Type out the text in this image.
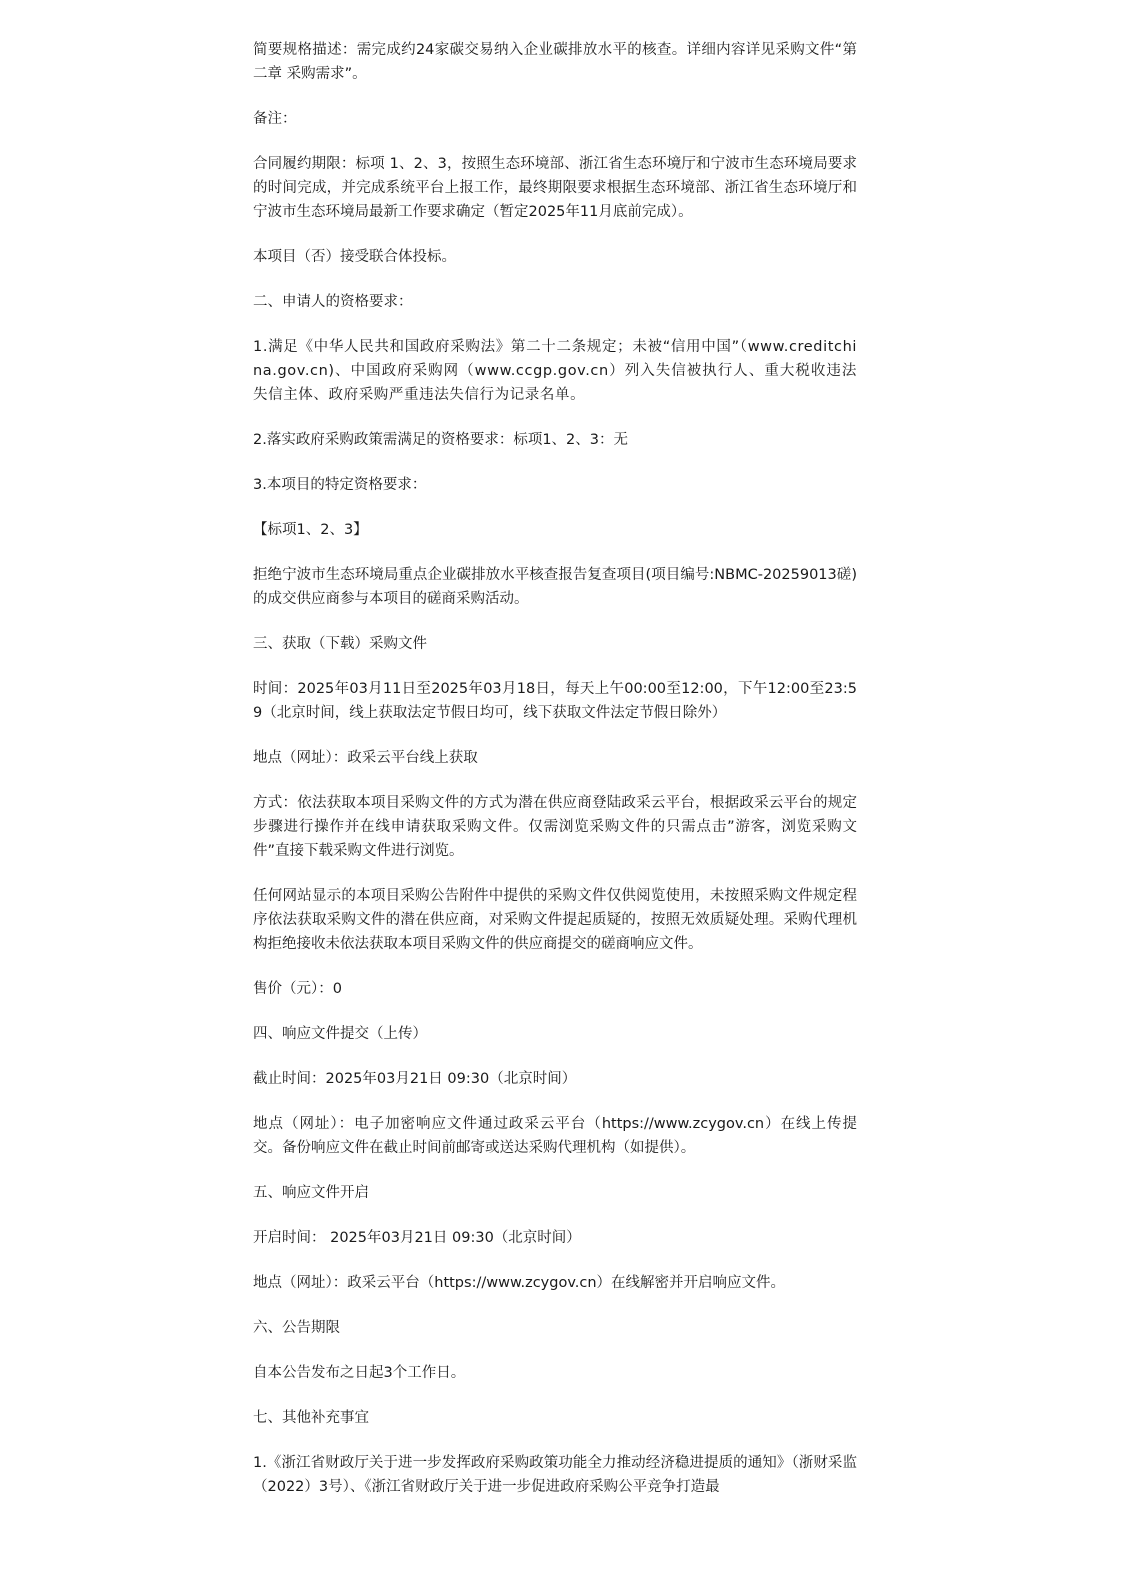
简要规格描述：需完成约24家碳交易纳入企业碳排放水平的核查。详细内容详见采购文件“第二章 采购需求”。

备注：

合同履约期限：标项 1、2、3，按照生态环境部、浙江省生态环境厅和宁波市生态环境局要求的时间完成，并完成系统平台上报工作，最终期限要求根据生态环境部、浙江省生态环境厅和宁波市生态环境局最新工作要求确定（暂定2025年11月底前完成）。

本项目（否）接受联合体投标。

二、申请人的资格要求：

1.满足《中华人民共和国政府采购法》第二十二条规定；未被“信用中国”（www.creditchina.gov.cn)、中国政府采购网（www.ccgp.gov.cn）列入失信被执行人、重大税收违法失信主体、政府采购严重违法失信行为记录名单。

2.落实政府采购政策需满足的资格要求：标项1、2、3：无

3.本项目的特定资格要求：

【标项1、2、3】

拒绝宁波市生态环境局重点企业碳排放水平核查报告复查项目(项目编号:NBMC-20259013磋)的成交供应商参与本项目的磋商采购活动。

三、获取（下载）采购文件

时间：2025年03月11日至2025年03月18日，每天上午00:00至12:00，下午12:00至23:59（北京时间，线上获取法定节假日均可，线下获取文件法定节假日除外）

地点（网址）：政采云平台线上获取

方式：依法获取本项目采购文件的方式为潜在供应商登陆政采云平台，根据政采云平台的规定步骤进行操作并在线申请获取采购文件。仅需浏览采购文件的只需点击”游客，浏览采购文件”直接下载采购文件进行浏览。

任何网站显示的本项目采购公告附件中提供的采购文件仅供阅览使用，未按照采购文件规定程序依法获取采购文件的潜在供应商，对采购文件提起质疑的，按照无效质疑处理。采购代理机构拒绝接收未依法获取本项目采购文件的供应商提交的磋商响应文件。

售价（元）：0

四、响应文件提交（上传）

截止时间：2025年03月21日 09:30（北京时间）

地点（网址）：电子加密响应文件通过政采云平台（https://www.zcygov.cn）在线上传提交。备份响应文件在截止时间前邮寄或送达采购代理机构（如提供）。

五、响应文件开启

开启时间： 2025年03月21日 09:30（北京时间）

地点（网址）：政采云平台（https://www.zcygov.cn）在线解密并开启响应文件。

六、公告期限

自本公告发布之日起3个工作日。

七、其他补充事宜

1.《浙江省财政厅关于进一步发挥政府采购政策功能全力推动经济稳进提质的通知》（浙财采监（2022）3号）、《浙江省财政厅关于进一步促进政府采购公平竞争打造最
